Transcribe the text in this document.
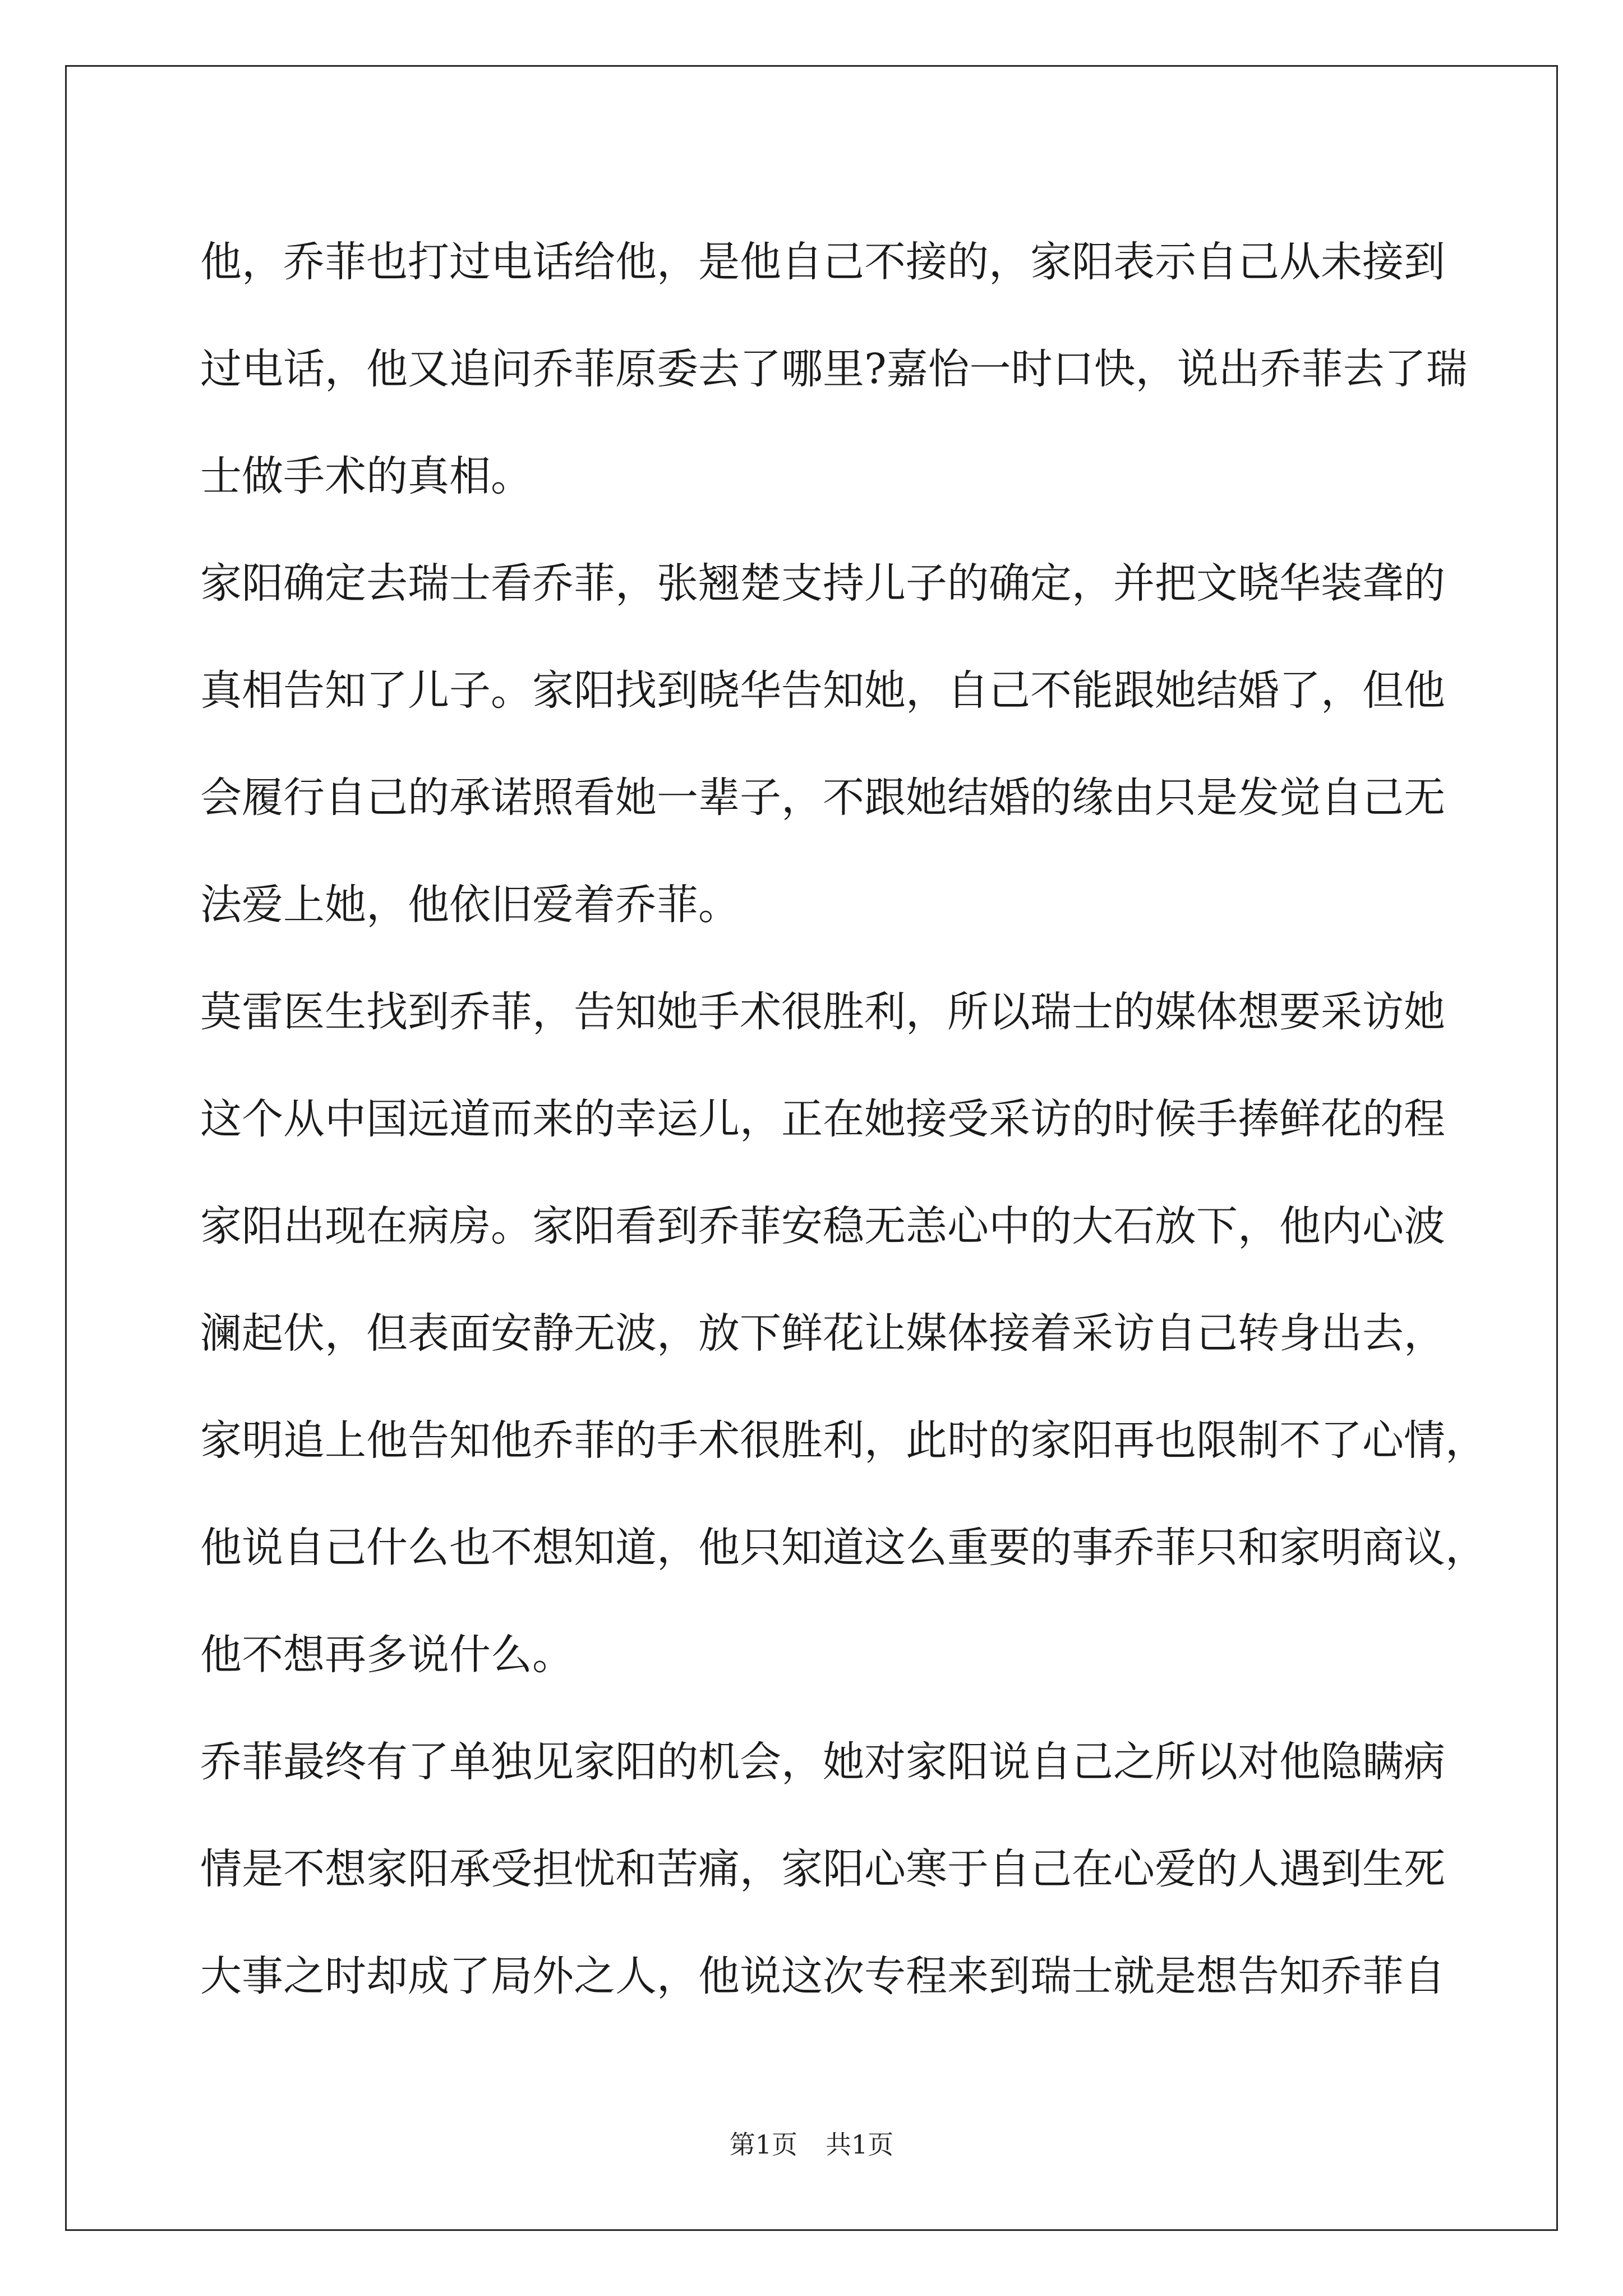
他，乔菲也打过电话给他，是他自己不接的，家阳表示自己从未接到
过电话，他又追问乔菲原委去了哪里?嘉怡一时口快，说出乔菲去了瑞
士做手术的真相。
家阳确定去瑞士看乔菲，张翘楚支持儿子的确定，并把文晓华装聋的
真相告知了儿子。家阳找到晓华告知她，自己不能跟她结婚了，但他
会履行自己的承诺照看她一辈子，不跟她结婚的缘由只是发觉自己无
法爱上她，他依旧爱着乔菲。
莫雷医生找到乔菲，告知她手术很胜利，所以瑞士的媒体想要采访她
这个从中国远道而来的幸运儿，正在她接受采访的时候手捧鲜花的程
家阳出现在病房。家阳看到乔菲安稳无恙心中的大石放下，他内心波
澜起伏，但表面安静无波，放下鲜花让媒体接着采访自己转身出去，
家明追上他告知他乔菲的手术很胜利，此时的家阳再也限制不了心情，
他说自己什么也不想知道，他只知道这么重要的事乔菲只和家明商议，
他不想再多说什么。
乔菲最终有了单独见家阳的机会，她对家阳说自己之所以对他隐瞒病
情是不想家阳承受担忧和苦痛，家阳心寒于自己在心爱的人遇到生死
大事之时却成了局外之人，他说这次专程来到瑞士就是想告知乔菲自
第1页 共1页
